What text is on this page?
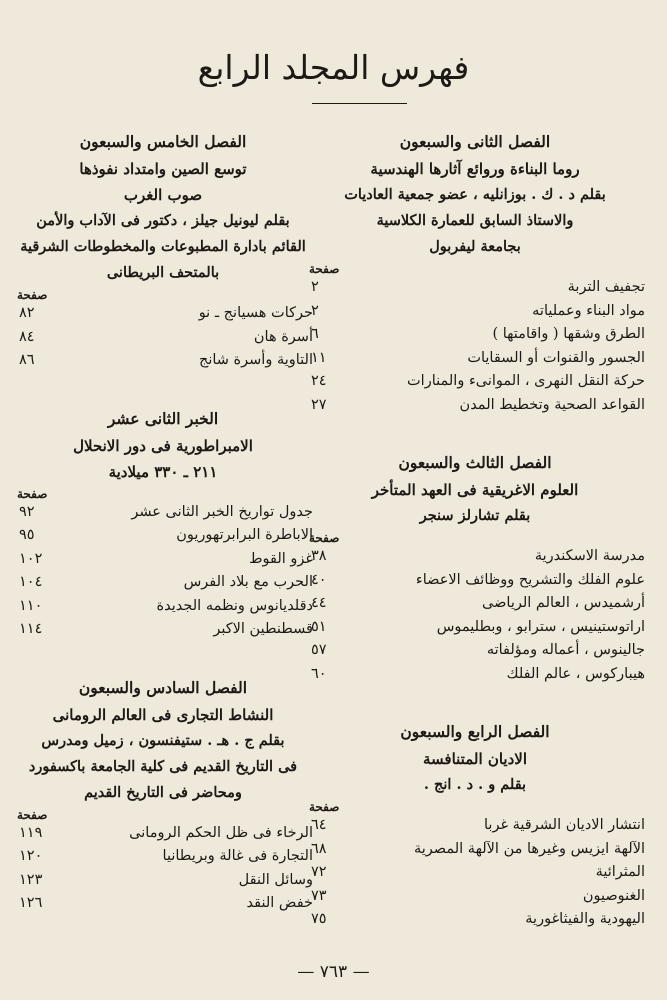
فهرس المجلد الرابع
الفصل الثانى والسبعون
روما البناءة وروائع آثارها الهندسية
بقلم د . ك . بوزانليه ، عضو جمعية العاديات
والاستاذ السابق للعمارة الكلاسية
بجامعة ليفربول
صفحة
تجفيف التربة
٢
مواد البناء وعملياته
٢
الطرق وشقها ( واقامتها )
٦
الجسور والقنوات أو السقايات
١١
حركة النقل النهرى ، الموانىء والمنارات
٢٤
القواعد الصحية وتخطيط المدن
٢٧
الفصل الثالث والسبعون
العلوم الاغريقية فى العهد المتأخر
بقلم تشارلز سنجر
صفحة
مدرسة الاسكندرية
٣٨
علوم الفلك والتشريح ووظائف الاعضاء
٤٠
أرشميدس ، العالم الرياضى
٤٤
اراتوستينيس ، سترابو ، وبطليموس
٥١
جالينوس ، أعماله ومؤلفاته
٥٧
هيباركوس ، عالم الفلك
٦٠
الفصل الرابع والسبعون
الاديان المتنافسة
بقلم و . د . انج .
صفحة
انتشار الاديان الشرقية غربا
٦٤
الآلهة ايزيس وغيرها من الآلهة المصرية
٦٨
المثرائية
٧٢
الغنوصيون
٧٣
اليهودية والفيثاغورية
٧٥
الفصل الخامس والسبعون
توسع الصين وامتداد نفوذها
صوب الغرب
بقلم ليونيل جيلز ، دكتور فى الآداب والأمن
القائم بادارة المطبوعات والمخطوطات الشرقية
بالمتحف البريطانى
صفحة
حركات هسيانج ـ نو
٨٢
أسرة هان
٨٤
التاوية وأسرة شانج
٨٦
الخبر الثانى عشر
الامبراطورية فى دور الانحلال
٢١١ ـ ٣٣٠ ميلادية
صفحة
جدول تواريخ الخبر الثانى عشر
٩٢
الاباطرة البرابرتهوريون
٩٥
غزو القوط
١٠٢
الحرب مع بلاد الفرس
١٠٤
دقلديانوس ونظمه الجديدة
١١٠
قسطنطين الاكبر
١١٤
الفصل السادس والسبعون
النشاط التجارى فى العالم الرومانى
بقلم ج . هـ . ستيفنسون ، زميل ومدرس
فى التاريخ القديم فى كلية الجامعة باكسفورد
ومحاضر فى التاريخ القديم
صفحة
الرخاء فى ظل الحكم الرومانى
١١٩
التجارة فى غالة وبريطانيا
١٢٠
وسائل النقل
١٢٣
خفض النقد
١٢٦
— ٧٦٣ —
